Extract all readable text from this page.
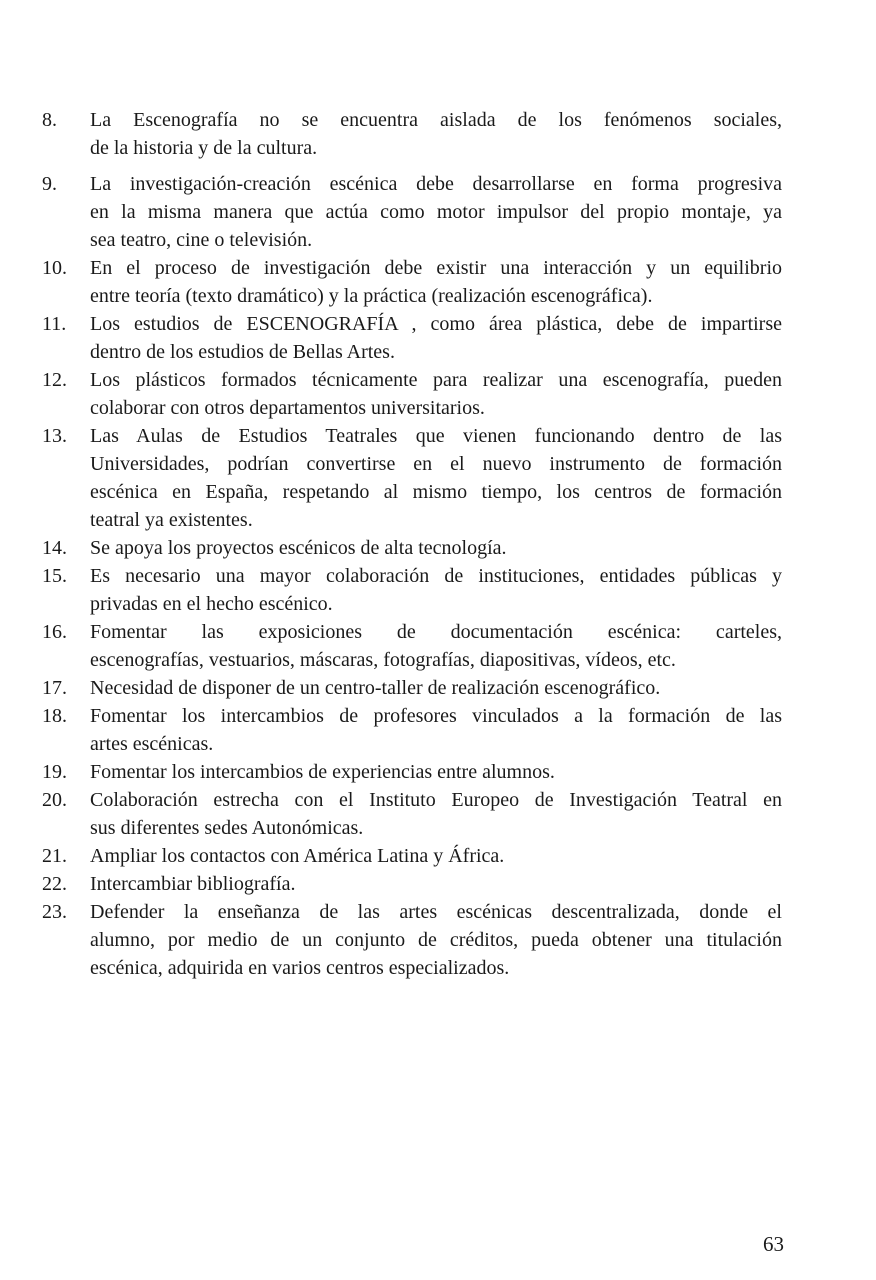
8.	La Escenografía no se encuentra aislada de los fenómenos sociales,
de la historia y de la cultura.
9.	La investigación-creación escénica debe desarrollarse en forma progresiva
en la misma manera que actúa como motor impulsor del propio montaje, ya
sea teatro, cine o televisión.
10.	En el proceso de investigación debe existir una interacción y un equilibrio
entre teoría (texto dramático) y la práctica (realización escenográfica).
11.	Los estudios de ESCENOGRAFÍA , como área plástica, debe de impartirse
dentro de los estudios de Bellas Artes.
12.	Los plásticos formados técnicamente para realizar una escenografía, pueden
colaborar con otros departamentos universitarios.
13.	Las Aulas de Estudios Teatrales que vienen funcionando dentro de las
Universidades, podrían convertirse en el nuevo instrumento de formación
escénica en España, respetando al mismo tiempo, los centros de formación
teatral ya existentes.
14.	Se apoya los proyectos escénicos de alta tecnología.
15.	Es necesario una mayor colaboración de instituciones, entidades públicas y
privadas en el hecho escénico.
16.	Fomentar las exposiciones de documentación escénica: carteles,
escenografías, vestuarios, máscaras, fotografías, diapositivas, vídeos, etc.
17.	Necesidad de disponer de un centro-taller de realización escenográfico.
18.	Fomentar los intercambios de profesores vinculados a la formación de las
artes escénicas.
19.	Fomentar los intercambios de experiencias entre alumnos.
20.	Colaboración estrecha con el Instituto Europeo de Investigación Teatral en
sus diferentes sedes Autonómicas.
21.	Ampliar los contactos con América Latina y África.
22.	Intercambiar bibliografía.
23.	Defender la enseñanza de las artes escénicas descentralizada, donde el
alumno, por medio de un conjunto de créditos, pueda obtener una titulación
escénica, adquirida en varios centros especializados.
63
